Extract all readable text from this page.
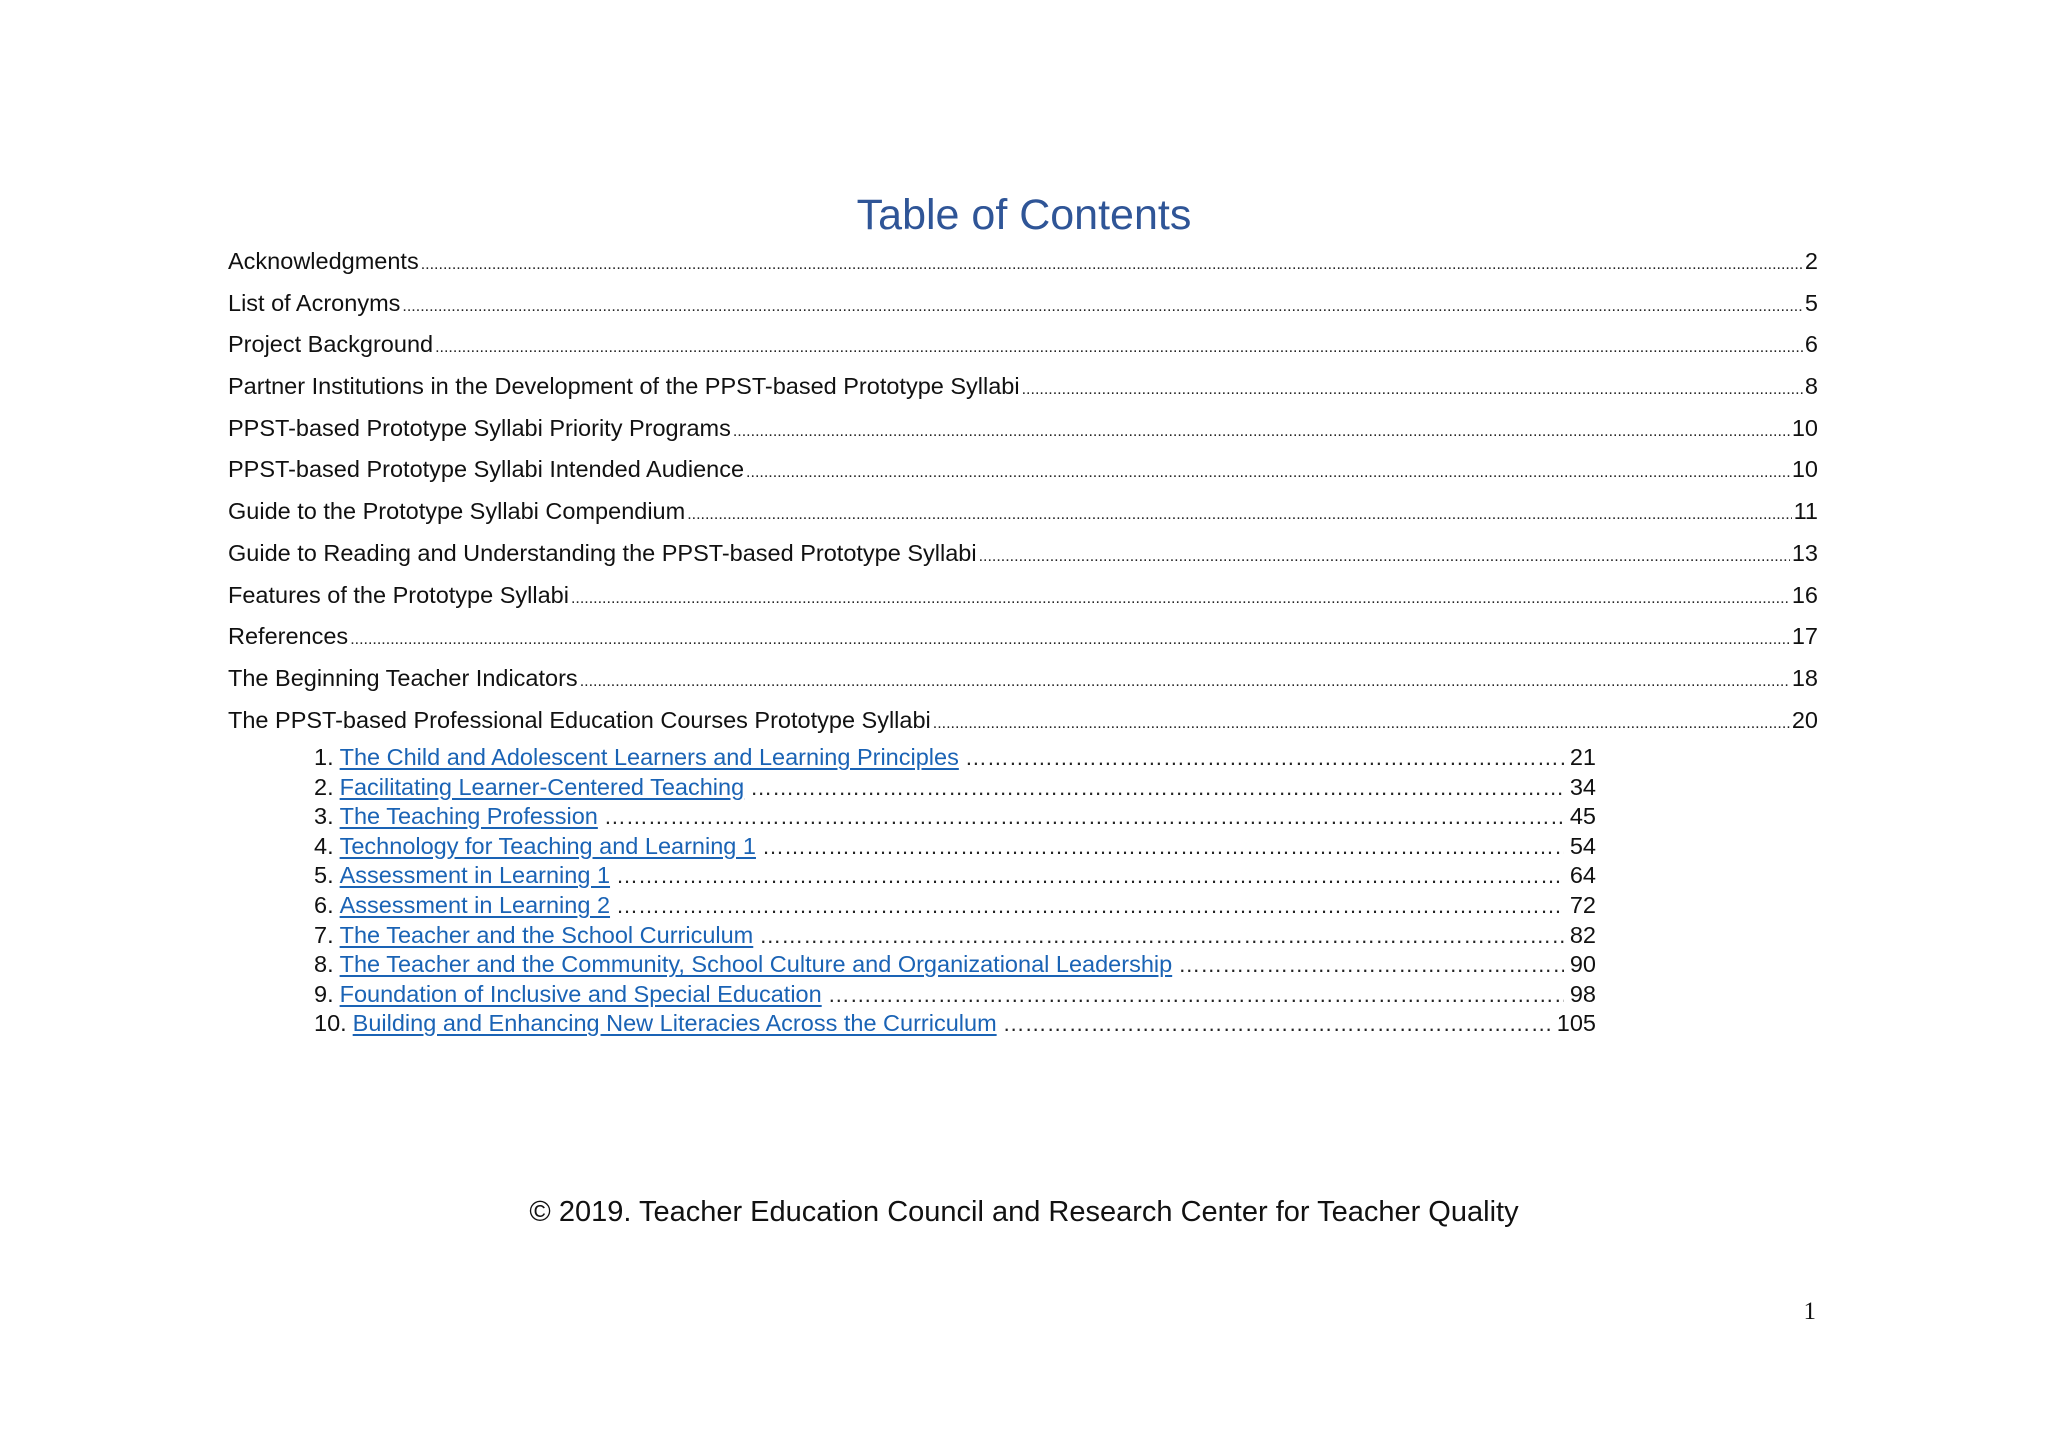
Table of Contents
Acknowledgments .....	2
List of Acronyms .....	5
Project Background .....	6
Partner Institutions in the Development of the PPST-based Prototype Syllabi .....	8
PPST-based Prototype Syllabi Priority Programs .....	10
PPST-based Prototype Syllabi Intended Audience .....	10
Guide to the Prototype Syllabi Compendium .....	11
Guide to Reading and Understanding the PPST-based Prototype Syllabi .....	13
Features of the Prototype Syllabi .....	16
References .....	17
The Beginning Teacher Indicators .....	18
The PPST-based Professional Education Courses Prototype Syllabi .....	20
1. The Child and Adolescent Learners and Learning Principles …………………………………………………………………………………………………………………………………………………………………………………………………………………………………………	21
2. Facilitating Learner-Centered Teaching …………………………………………………………………………………………………………………………………………………………………………………………………………………………………………	34
3. The Teaching Profession …………………………………………………………………………………………………………………………………………………………………………………………………………………………………………	45
4. Technology for Teaching and Learning 1 …………………………………………………………………………………………………………………………………………………………………………………………………………………………………………	54
5. Assessment in Learning 1 …………………………………………………………………………………………………………………………………………………………………………………………………………………………………………	64
6. Assessment in Learning 2 …………………………………………………………………………………………………………………………………………………………………………………………………………………………………………	72
7. The Teacher and the School Curriculum …………………………………………………………………………………………………………………………………………………………………………………………………………………………………………	82
8. The Teacher and the Community, School Culture and Organizational Leadership …………………………………………………………………………………………………………………………………………………………………………………………………………………………………………	90
9. Foundation of Inclusive and Special Education …………………………………………………………………………………………………………………………………………………………………………………………………………………………………………	98
10. Building and Enhancing New Literacies Across the Curriculum …………………………………………………………………………………………………………………………………………………………………………………………………………………………………………	105

© 2019. Teacher Education Council and Research Center for Teacher Quality

1
